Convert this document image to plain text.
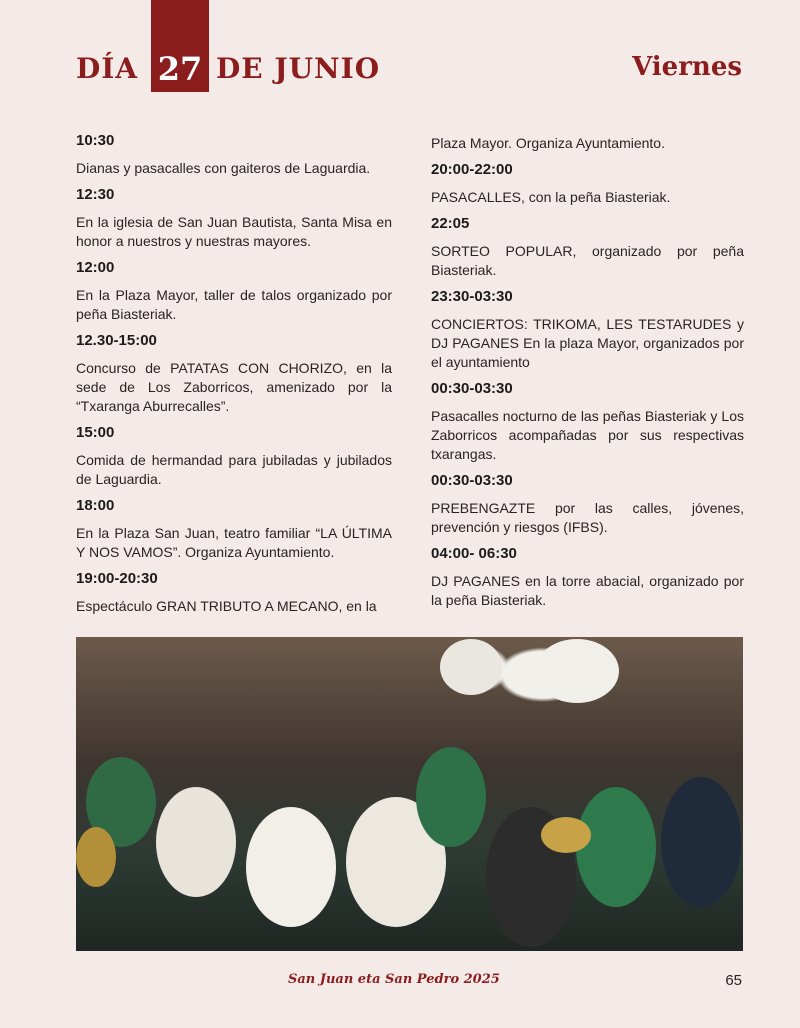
DÍA 27 DE JUNIO	Viernes

10:30

Dianas y pasacalles con gaiteros de Laguardia.

12:30

En la iglesia de San Juan Bautista, Santa Misa en honor a nuestros y nuestras mayores.

12:00

En la Plaza Mayor, taller de talos organizado por peña Biasteriak.

12.30-15:00

Concurso de PATATAS CON CHORIZO, en la sede de Los Zaborricos, amenizado por la “Txaranga Aburrecalles”.

15:00

Comida de hermandad para jubiladas y jubilados de Laguardia.

18:00

En la Plaza San Juan, teatro familiar “LA ÚLTIMA Y NOS VAMOS”. Organiza Ayuntamiento.

19:00-20:30

Espectáculo GRAN TRIBUTO A MECANO, en la

Plaza Mayor. Organiza Ayuntamiento.

20:00-22:00

PASACALLES, con la peña Biasteriak.

22:05

SORTEO POPULAR, organizado por peña Biasteriak.

23:30-03:30

CONCIERTOS: TRIKOMA, LES TESTARUDES y DJ PAGANES En la plaza Mayor, organizados por el ayuntamiento

00:30-03:30

Pasacalles nocturno de las peñas Biasteriak y Los Zaborricos acompañadas por sus respectivas txarangas.

00:30-03:30

PREBENGAZTE por las calles, jóvenes, prevención y riesgos (IFBS).

04:00- 06:30

DJ PAGANES en la torre abacial, organizado por la peña Biasteriak.

San Juan eta San Pedro 2025	65
